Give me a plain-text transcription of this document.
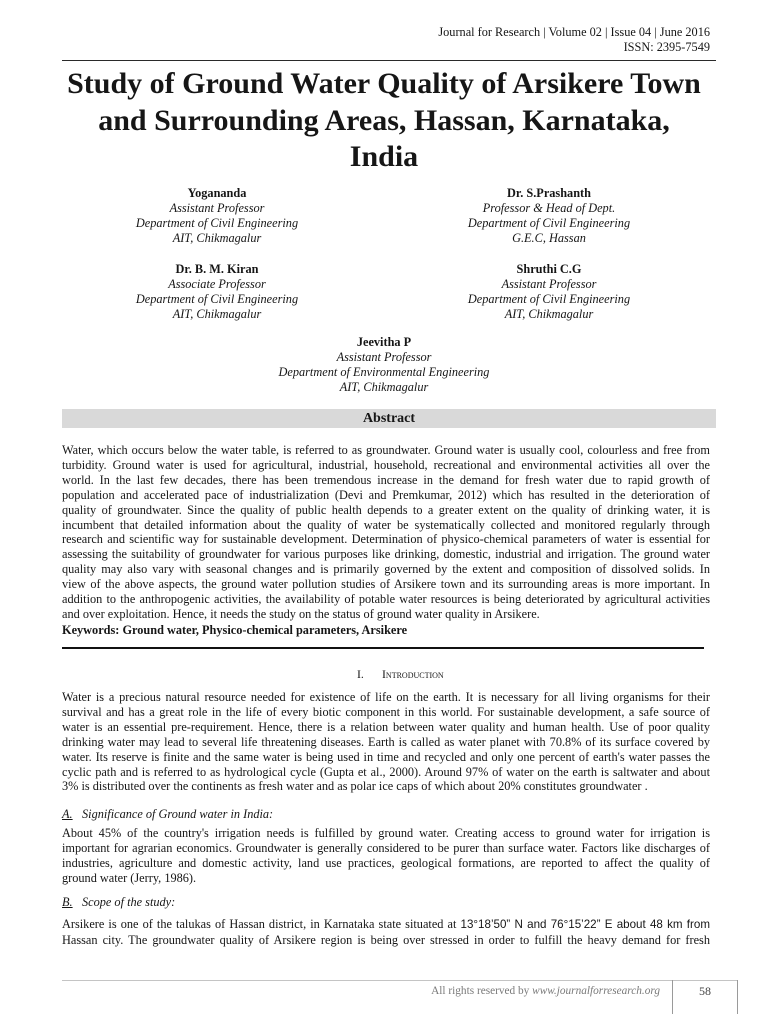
Journal for Research | Volume 02 | Issue 04 | June 2016
ISSN: 2395-7549
Study of Ground Water Quality of Arsikere Town
and Surrounding Areas, Hassan, Karnataka,
India
Yogananda
Assistant Professor
Department of Civil Engineering
AIT, Chikmagalur
Dr. S.Prashanth
Professor & Head of Dept.
Department of Civil Engineering
G.E.C, Hassan
Dr. B. M. Kiran
Associate Professor
Department of Civil Engineering
AIT, Chikmagalur
Shruthi C.G
Assistant Professor
Department of Civil Engineering
AIT, Chikmagalur
Jeevitha P
Assistant Professor
Department of Environmental Engineering
AIT, Chikmagalur
Abstract
Water, which occurs below the water table, is referred to as groundwater. Ground water is usually cool, colourless and free from
turbidity. Ground water is used for agricultural, industrial, household, recreational and environmental activities all over the
world. In the last few decades, there has been tremendous increase in the demand for fresh water due to rapid growth of
population and accelerated pace of industrialization (Devi and Premkumar, 2012) which has resulted in the deterioration of
quality of groundwater. Since the quality of public health depends to a greater extent on the quality of drinking water, it is
incumbent that detailed information about the quality of water be systematically collected and monitored regularly through
research and scientific way for sustainable development. Determination of physico-chemical parameters of water is essential for
assessing the suitability of groundwater for various purposes like drinking, domestic, industrial and irrigation. The ground water
quality may also vary with seasonal changes and is primarily governed by the extent and composition of dissolved solids. In
view of the above aspects, the ground water pollution studies of Arsikere town and its surrounding areas is more important. In
addition to the anthropogenic activities, the availability of potable water resources is being deteriorated by agricultural activities
and over exploitation. Hence, it needs the study on the status of ground water quality in Arsikere.
Keywords: Ground water, Physico-chemical parameters, Arsikere
I. Introduction
Water is a precious natural resource needed for existence of life on the earth. It is necessary for all living organisms for their
survival and has a great role in the life of every biotic component in this world. For sustainable development, a safe source of
water is an essential pre-requirement. Hence, there is a relation between water quality and human health. Use of poor quality
drinking water may lead to several life threatening diseases. Earth is called as water planet with 70.8% of its surface covered by
water. Its reserve is finite and the same water is being used in time and recycled and only one percent of earth's water passes the
cyclic path and is referred to as hydrological cycle (Gupta et al., 2000). Around 97% of water on the earth is saltwater and about
3% is distributed over the continents as fresh water and as polar ice caps of which about 20% constitutes groundwater .
A. Significance of Ground water in India:
About 45% of the country's irrigation needs is fulfilled by ground water. Creating access to ground water for irrigation is
important for agrarian economics. Groundwater is generally considered to be purer than surface water. Factors like discharges of
industries, agriculture and domestic activity, land use practices, geological formations, are reported to affect the quality of
ground water (Jerry, 1986).
B. Scope of the study:
Arsikere is one of the talukas of Hassan district, in Karnataka state situated at 13°18’50” N and 76°15’22” E about 48 km from
Hassan city. The groundwater quality of Arsikere region is being over stressed in order to fulfill the heavy demand for fresh
All rights reserved by www.journalforresearch.org	58
